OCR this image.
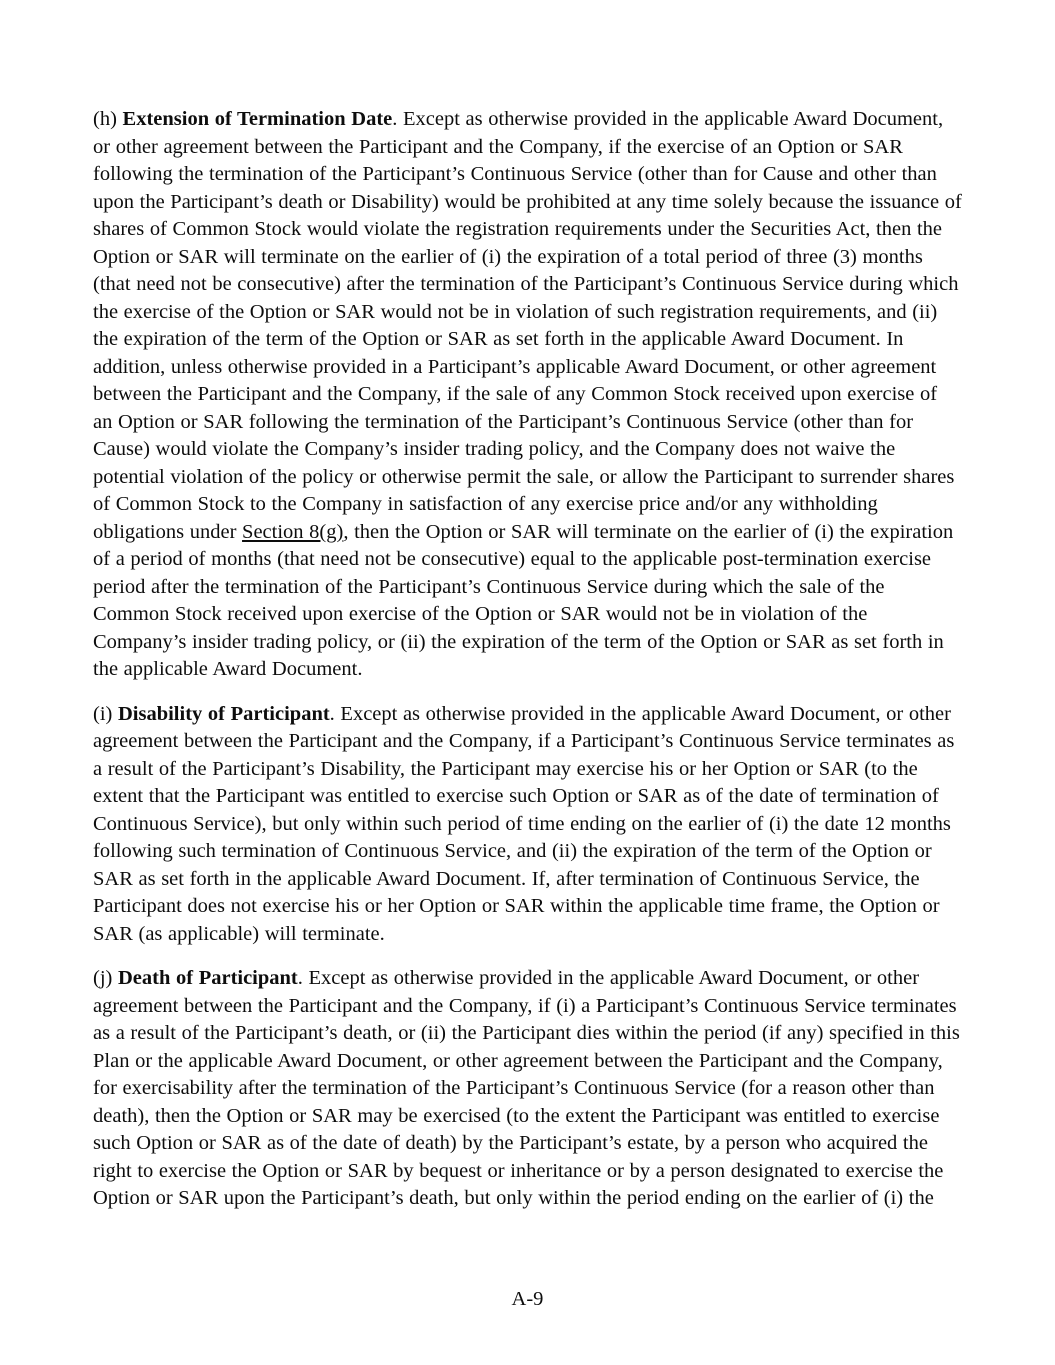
(h) Extension of Termination Date. Except as otherwise provided in the applicable Award Document, or other agreement between the Participant and the Company, if the exercise of an Option or SAR following the termination of the Participant’s Continuous Service (other than for Cause and other than upon the Participant’s death or Disability) would be prohibited at any time solely because the issuance of shares of Common Stock would violate the registration requirements under the Securities Act, then the Option or SAR will terminate on the earlier of (i) the expiration of a total period of three (3) months (that need not be consecutive) after the termination of the Participant’s Continuous Service during which the exercise of the Option or SAR would not be in violation of such registration requirements, and (ii) the expiration of the term of the Option or SAR as set forth in the applicable Award Document. In addition, unless otherwise provided in a Participant’s applicable Award Document, or other agreement between the Participant and the Company, if the sale of any Common Stock received upon exercise of an Option or SAR following the termination of the Participant’s Continuous Service (other than for Cause) would violate the Company’s insider trading policy, and the Company does not waive the potential violation of the policy or otherwise permit the sale, or allow the Participant to surrender shares of Common Stock to the Company in satisfaction of any exercise price and/or any withholding obligations under Section 8(g), then the Option or SAR will terminate on the earlier of (i) the expiration of a period of months (that need not be consecutive) equal to the applicable post-termination exercise period after the termination of the Participant’s Continuous Service during which the sale of the Common Stock received upon exercise of the Option or SAR would not be in violation of the Company’s insider trading policy, or (ii) the expiration of the term of the Option or SAR as set forth in the applicable Award Document.

(i) Disability of Participant. Except as otherwise provided in the applicable Award Document, or other agreement between the Participant and the Company, if a Participant’s Continuous Service terminates as a result of the Participant’s Disability, the Participant may exercise his or her Option or SAR (to the extent that the Participant was entitled to exercise such Option or SAR as of the date of termination of Continuous Service), but only within such period of time ending on the earlier of (i) the date 12 months following such termination of Continuous Service, and (ii) the expiration of the term of the Option or SAR as set forth in the applicable Award Document. If, after termination of Continuous Service, the Participant does not exercise his or her Option or SAR within the applicable time frame, the Option or SAR (as applicable) will terminate.

(j) Death of Participant. Except as otherwise provided in the applicable Award Document, or other agreement between the Participant and the Company, if (i) a Participant’s Continuous Service terminates as a result of the Participant’s death, or (ii) the Participant dies within the period (if any) specified in this Plan or the applicable Award Document, or other agreement between the Participant and the Company, for exercisability after the termination of the Participant’s Continuous Service (for a reason other than death), then the Option or SAR may be exercised (to the extent the Participant was entitled to exercise such Option or SAR as of the date of death) by the Participant’s estate, by a person who acquired the right to exercise the Option or SAR by bequest or inheritance or by a person designated to exercise the Option or SAR upon the Participant’s death, but only within the period ending on the earlier of (i) the

A-9
